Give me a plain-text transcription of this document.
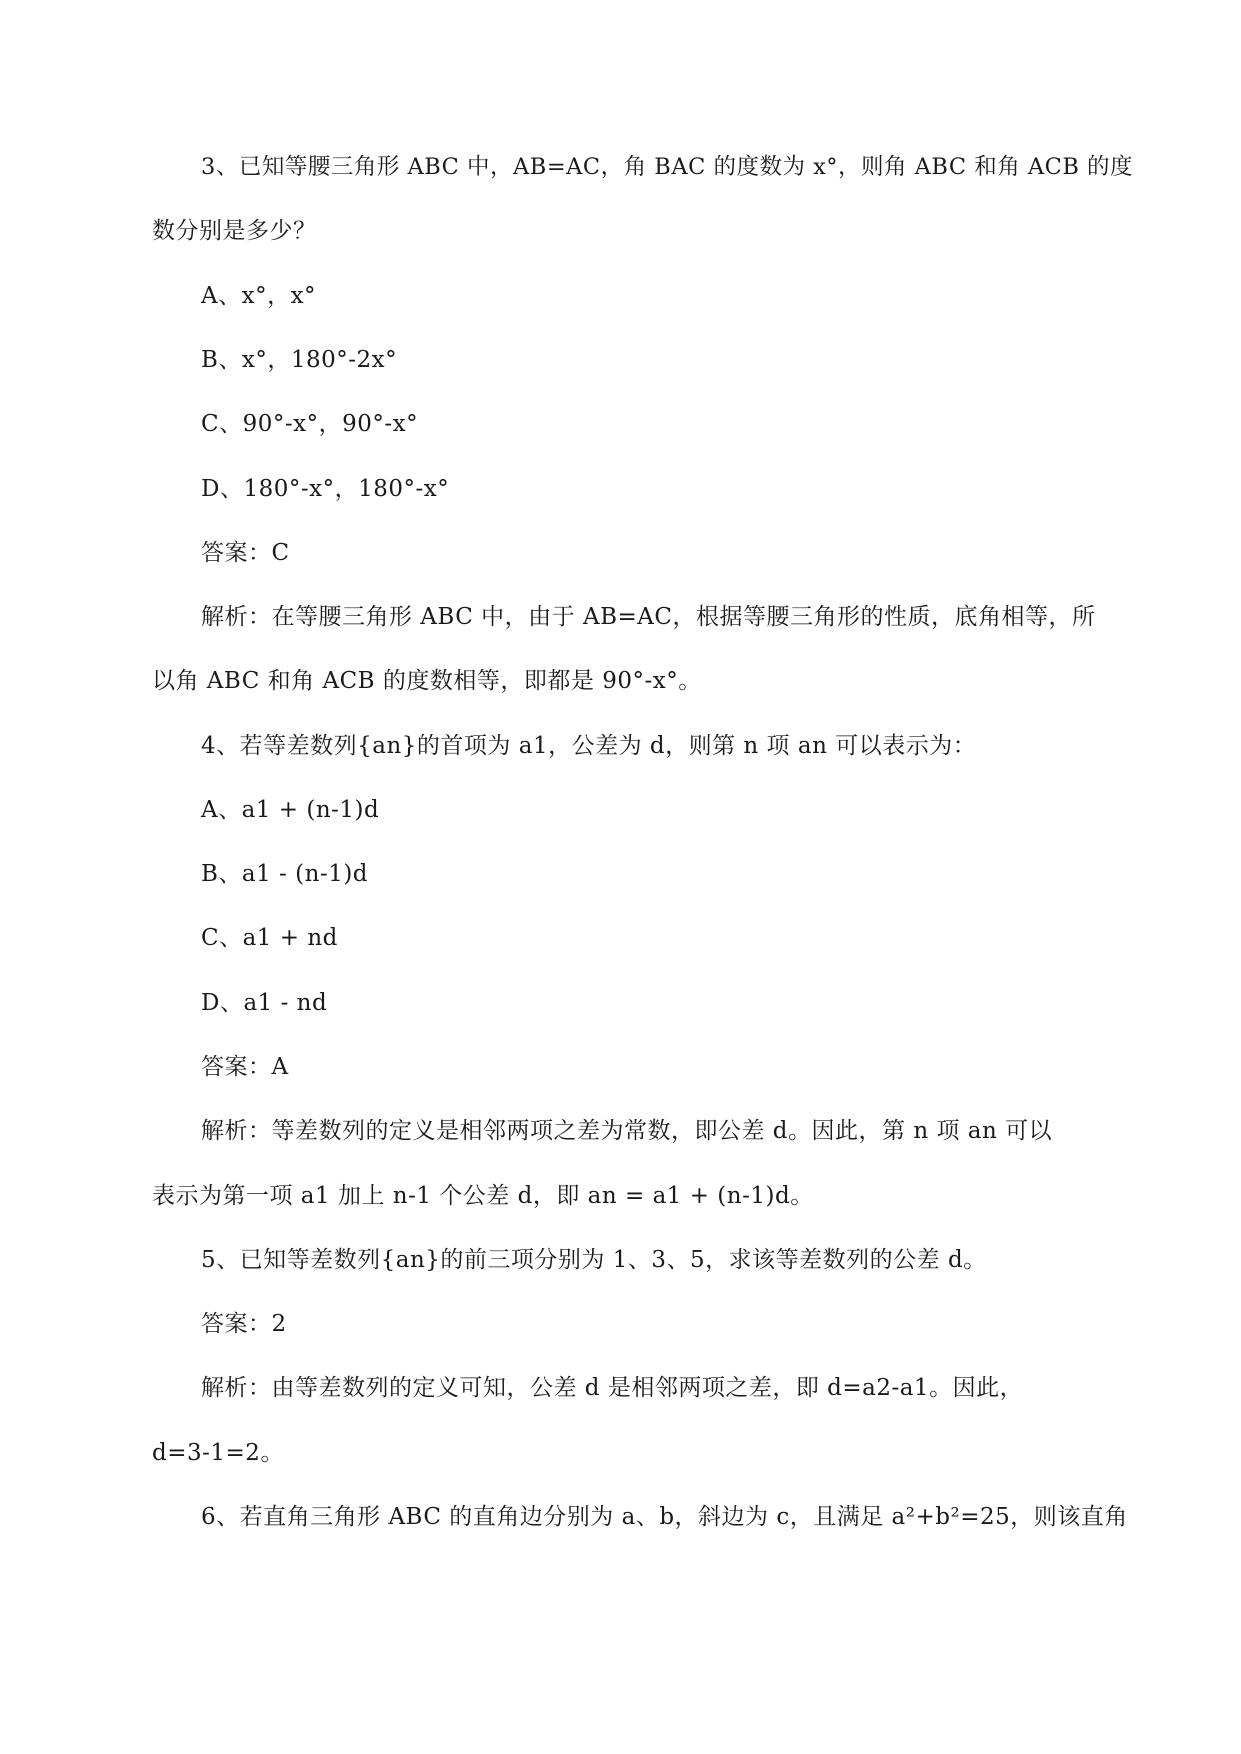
3、已知等腰三角形 ABC 中，AB=AC，角 BAC 的度数为 x°，则角 ABC 和角 ACB 的度
数分别是多少？
A、x°，x°
B、x°，180°-2x°
C、90°-x°，90°-x°
D、180°-x°，180°-x°
答案：C
解析：在等腰三角形 ABC 中，由于 AB=AC，根据等腰三角形的性质，底角相等，所
以角 ABC 和角 ACB 的度数相等，即都是 90°-x°。
4、若等差数列{an}的首项为 a1，公差为 d，则第 n 项 an 可以表示为：
A、a1 + (n-1)d
B、a1 - (n-1)d
C、a1 + nd
D、a1 - nd
答案：A
解析：等差数列的定义是相邻两项之差为常数，即公差 d。因此，第 n 项 an 可以
表示为第一项 a1 加上 n-1 个公差 d，即 an = a1 + (n-1)d。
5、已知等差数列{an}的前三项分别为 1、3、5，求该等差数列的公差 d。
答案：2
解析：由等差数列的定义可知，公差 d 是相邻两项之差，即 d=a2-a1。因此，
d=3-1=2。
6、若直角三角形 ABC 的直角边分别为 a、b，斜边为 c，且满足 a²+b²=25，则该直角
